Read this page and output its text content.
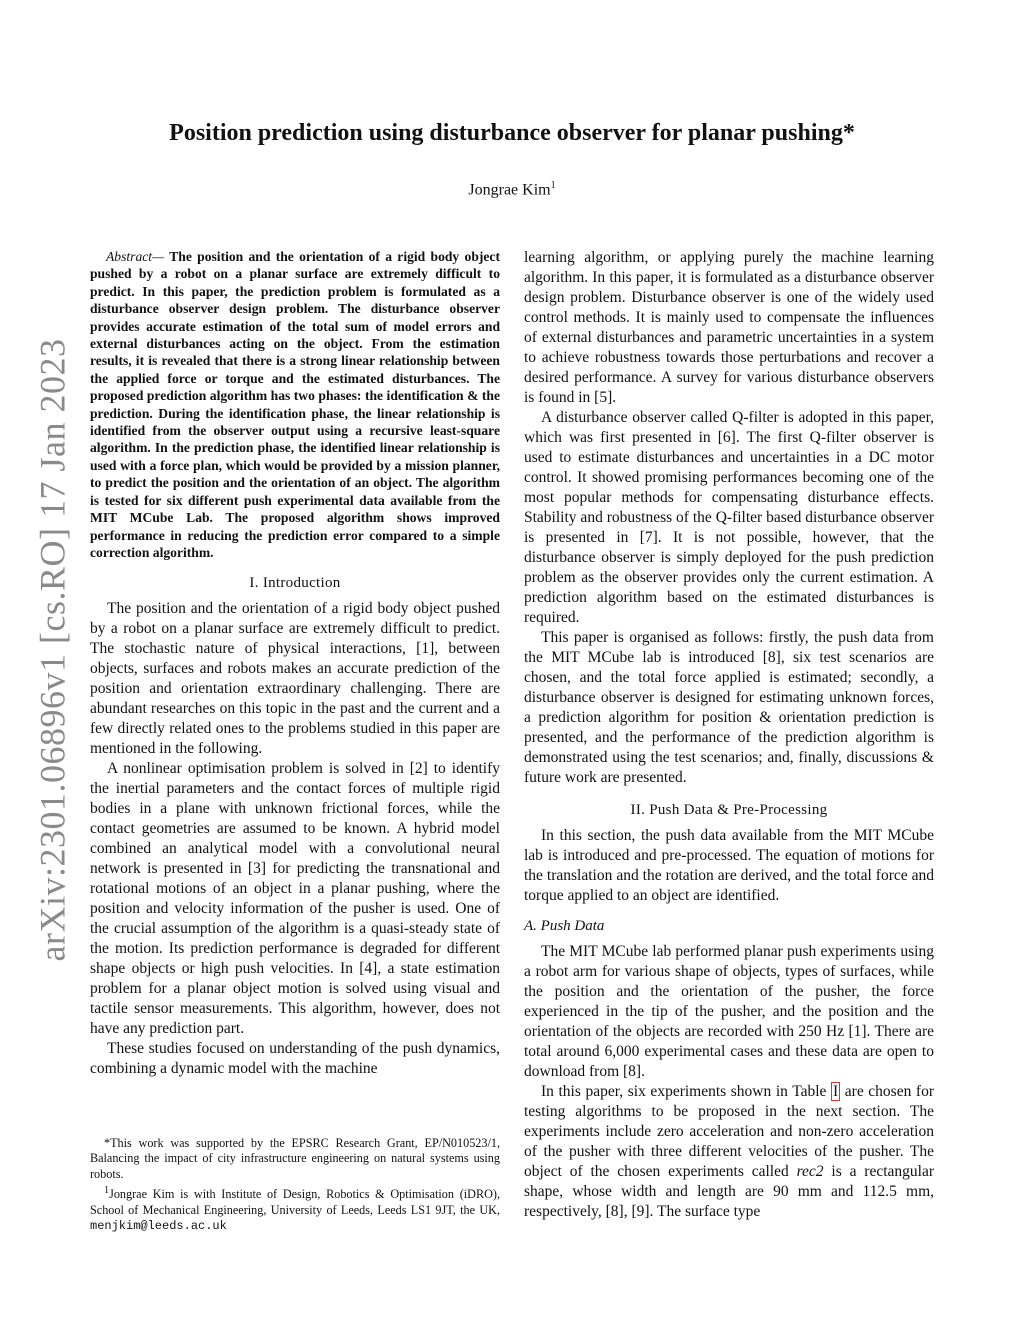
arXiv:2301.06896v1 [cs.RO] 17 Jan 2023
Position prediction using disturbance observer for planar pushing*
Jongrae Kim$^1$

Abstract— The position and the orientation of a rigid body object pushed by a robot on a planar surface are extremely difficult to predict. In this paper, the prediction problem is formulated as a disturbance observer design problem. The disturbance observer provides accurate estimation of the total sum of model errors and external disturbances acting on the object. From the estimation results, it is revealed that there is a strong linear relationship between the applied force or torque and the estimated disturbances. The proposed prediction algorithm has two phases: the identification & the prediction. During the identification phase, the linear relationship is identified from the observer output using a recursive least-square algorithm. In the prediction phase, the identified linear relationship is used with a force plan, which would be provided by a mission planner, to predict the position and the orientation of an object. The algorithm is tested for six different push experimental data available from the MIT MCube Lab. The proposed algorithm shows improved performance in reducing the prediction error compared to a simple correction algorithm.

I. Introduction

The position and the orientation of a rigid body object pushed by a robot on a planar surface are extremely difficult to predict. The stochastic nature of physical interactions, [1], between objects, surfaces and robots makes an accurate prediction of the position and orientation extraordinary challenging. There are abundant researches on this topic in the past and the current and a few directly related ones to the problems studied in this paper are mentioned in the following.

A nonlinear optimisation problem is solved in [2] to identify the inertial parameters and the contact forces of multiple rigid bodies in a plane with unknown frictional forces, while the contact geometries are assumed to be known. A hybrid model combined an analytical model with a convolutional neural network is presented in [3] for predicting the transnational and rotational motions of an object in a planar pushing, where the position and velocity information of the pusher is used. One of the crucial assumption of the algorithm is a quasi-steady state of the motion. Its prediction performance is degraded for different shape objects or high push velocities. In [4], a state estimation problem for a planar object motion is solved using visual and tactile sensor measurements. This algorithm, however, does not have any prediction part.

These studies focused on understanding of the push dynamics, combining a dynamic model with the machine

*This work was supported by the EPSRC Research Grant, EP/N010523/1, Balancing the impact of city infrastructure engineering on natural systems using robots.

$^1$Jongrae Kim is with Institute of Design, Robotics & Optimisation (iDRO), School of Mechanical Engineering, University of Leeds, Leeds LS1 9JT, the UK, menjkim@leeds.ac.uk

learning algorithm, or applying purely the machine learning algorithm. In this paper, it is formulated as a disturbance observer design problem. Disturbance observer is one of the widely used control methods. It is mainly used to compensate the influences of external disturbances and parametric uncertainties in a system to achieve robustness towards those perturbations and recover a desired performance. A survey for various disturbance observers is found in [5].

A disturbance observer called Q-filter is adopted in this paper, which was first presented in [6]. The first Q-filter observer is used to estimate disturbances and uncertainties in a DC motor control. It showed promising performances becoming one of the most popular methods for compensating disturbance effects. Stability and robustness of the Q-filter based disturbance observer is presented in [7]. It is not possible, however, that the disturbance observer is simply deployed for the push prediction problem as the observer provides only the current estimation. A prediction algorithm based on the estimated disturbances is required.

This paper is organised as follows: firstly, the push data from the MIT MCube lab is introduced [8], six test scenarios are chosen, and the total force applied is estimated; secondly, a disturbance observer is designed for estimating unknown forces, a prediction algorithm for position & orientation prediction is presented, and the performance of the prediction algorithm is demonstrated using the test scenarios; and, finally, discussions & future work are presented.

II. Push Data & Pre-Processing

In this section, the push data available from the MIT MCube lab is introduced and pre-processed. The equation of motions for the translation and the rotation are derived, and the total force and torque applied to an object are identified.

A. Push Data

The MIT MCube lab performed planar push experiments using a robot arm for various shape of objects, types of surfaces, while the position and the orientation of the pusher, the force experienced in the tip of the pusher, and the position and the orientation of the objects are recorded with 250 Hz [1]. There are total around 6,000 experimental cases and these data are open to download from [8].

In this paper, six experiments shown in Table I are chosen for testing algorithms to be proposed in the next section. The experiments include zero acceleration and non-zero acceleration of the pusher with three different velocities of the pusher. The object of the chosen experiments called rec2 is a rectangular shape, whose width and length are 90 mm and 112.5 mm, respectively, [8], [9]. The surface type
